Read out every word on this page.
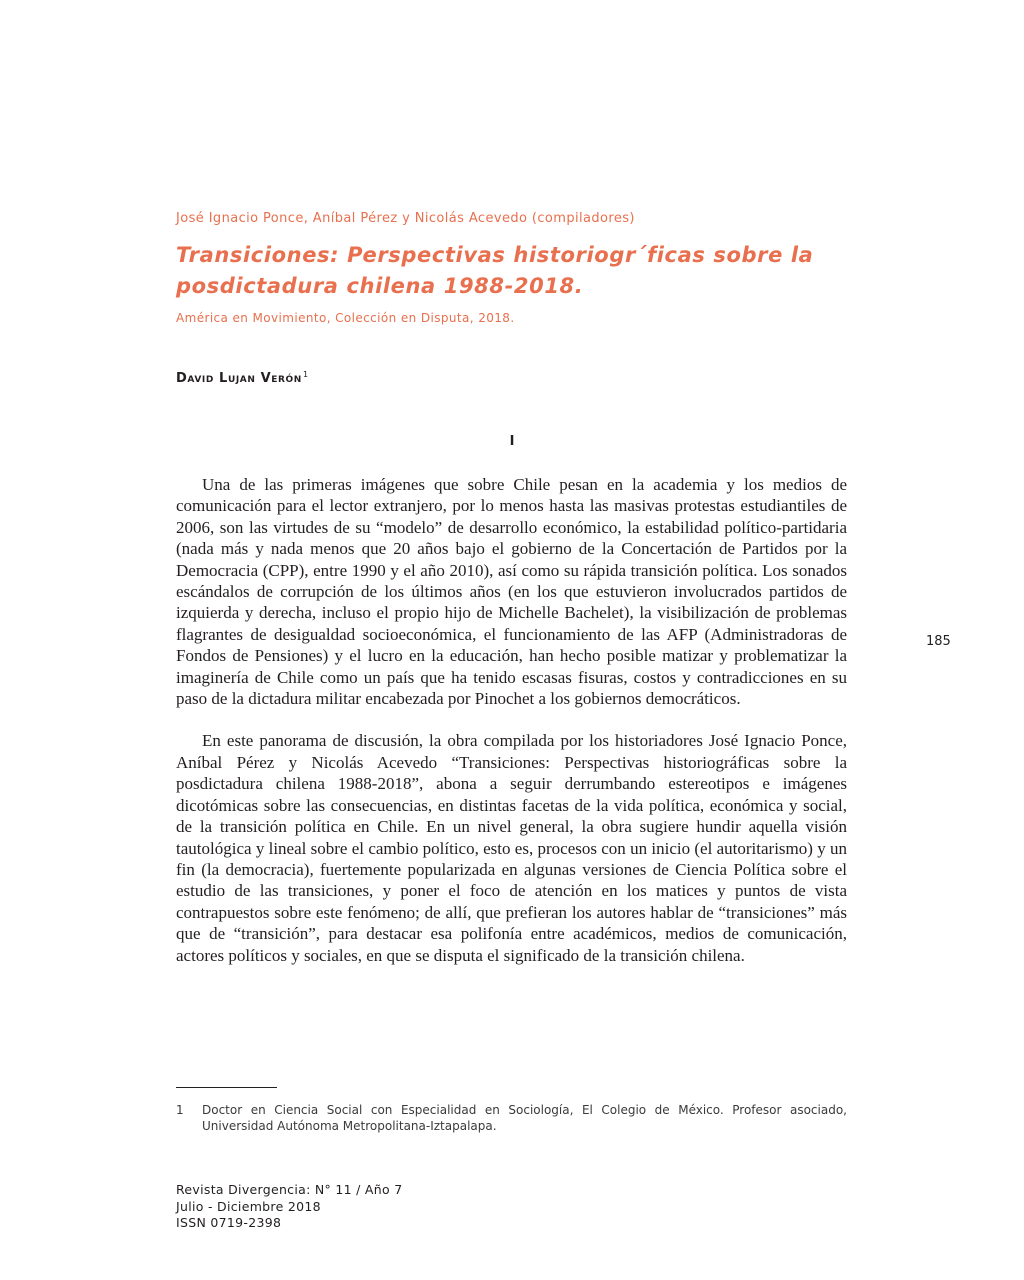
José Ignacio Ponce, Aníbal Pérez y Nicolás Acevedo (compiladores)
Transiciones: Perspectivas historiogr´ficas sobre la
posdictadura chilena 1988-2018.
América en Movimiento, Colección en Disputa, 2018.
David Lujan Verón$^1$
I

Una de las primeras imágenes que sobre Chile pesan en la academia y los medios de comunicación para el lector extranjero, por lo menos hasta las masivas protestas estudiantiles de 2006, son las virtudes de su “modelo” de desarrollo económico, la estabilidad político-partidaria (nada más y nada menos que 20 años bajo el gobierno de la Concertación de Partidos por la Democracia (CPP), entre 1990 y el año 2010), así como su rápida transición política. Los sonados escándalos de corrupción de los últimos años (en los que estuvieron involucrados partidos de izquierda y derecha, incluso el propio hijo de Michelle Bachelet), la visibilización de problemas flagrantes de desigualdad socioeconómica, el funcionamiento de las AFP (Administradoras de Fondos de Pensiones) y el lucro en la educación, han hecho posible matizar y problematizar la imaginería de Chile como un país que ha tenido escasas fisuras, costos y contradicciones en su paso de la dictadura militar encabezada por Pinochet a los gobiernos democráticos.

En este panorama de discusión, la obra compilada por los historiadores José Ignacio Ponce, Aníbal Pérez y Nicolás Acevedo “Transiciones: Perspectivas historiográficas sobre la posdictadura chilena 1988-2018”, abona a seguir derrumbando estereotipos e imágenes dicotómicas sobre las consecuencias, en distintas facetas de la vida política, económica y social, de la transición política en Chile. En un nivel general, la obra sugiere hundir aquella visión tautológica y lineal sobre el cambio político, esto es, procesos con un inicio (el autoritarismo) y un fin (la democracia), fuertemente popularizada en algunas versiones de Ciencia Política sobre el estudio de las transiciones, y poner el foco de atención en los matices y puntos de vista contrapuestos sobre este fenómeno; de allí, que prefieran los autores hablar de “transiciones” más que de “transición”, para destacar esa polifonía entre académicos, medios de comunicación, actores políticos y sociales, en que se disputa el significado de la transición chilena.

185
1	Doctor en Ciencia Social con Especialidad en Sociología, El Colegio de México. Profesor asociado, Universidad Autónoma Metropolitana-Iztapalapa.
Revista Divergencia: N° 11 / Año 7
Julio - Diciembre 2018
ISSN 0719-2398
